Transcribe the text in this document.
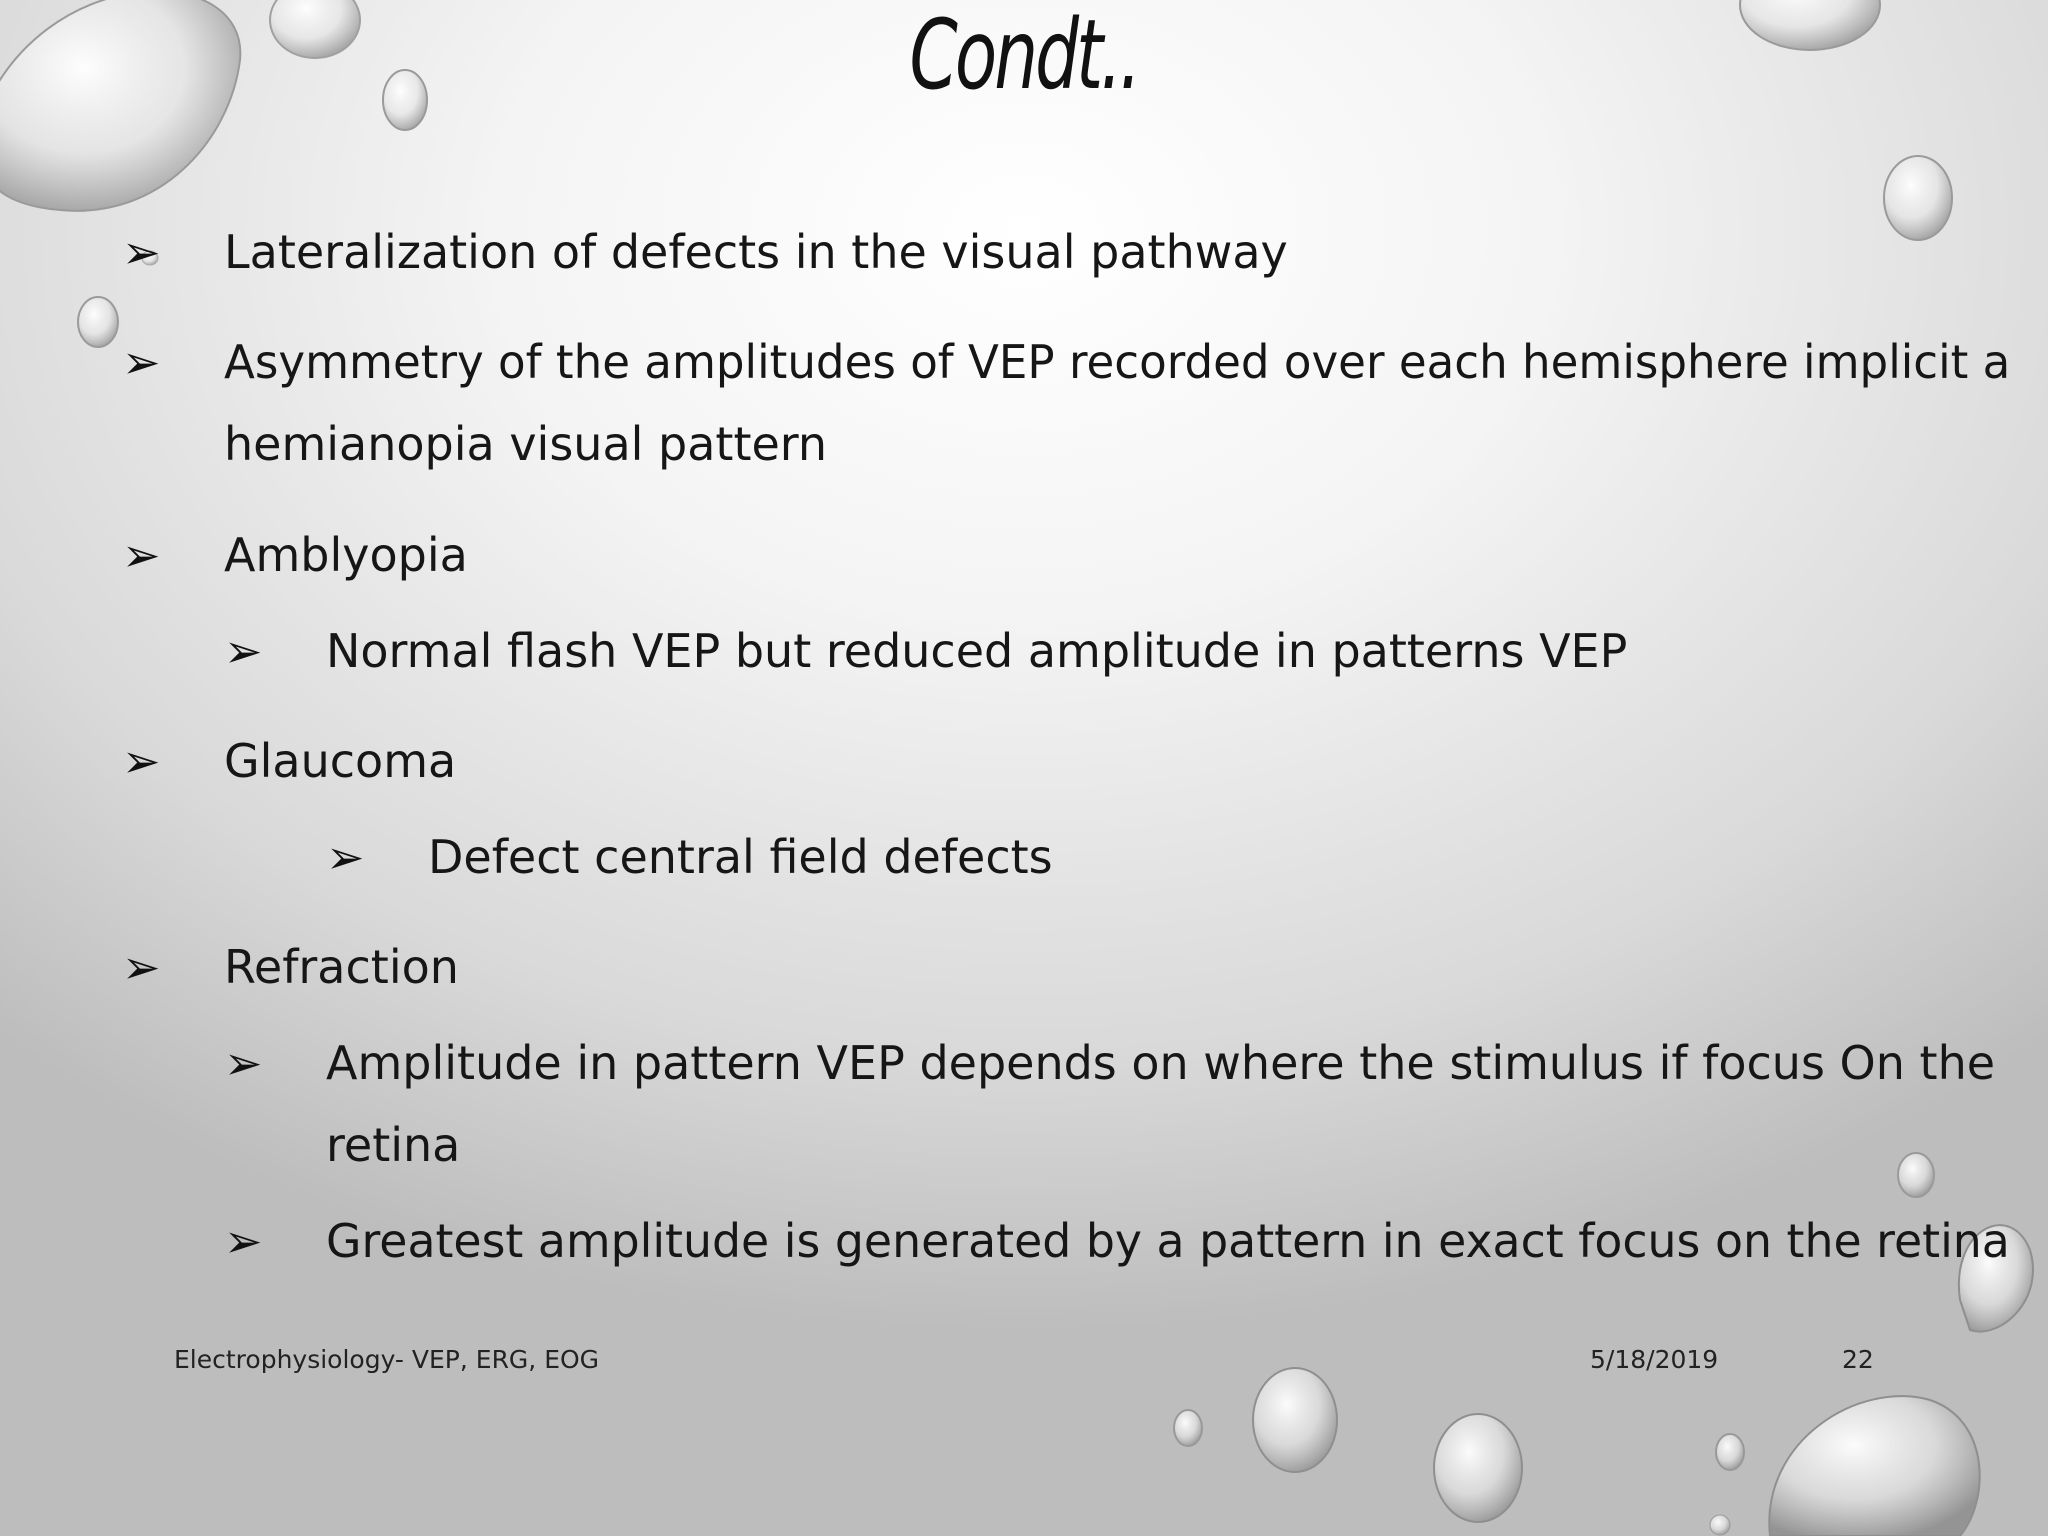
Condt..
➢ Lateralization of defects in the visual pathway
➢ Asymmetry of the amplitudes of VEP recorded over each hemisphere implicit a
hemianopia visual pattern
➢ Amblyopia
➢ Normal flash VEP but reduced amplitude in patterns VEP
➢ Glaucoma
➢ Defect central field defects
➢ Refraction
➢ Amplitude in pattern VEP depends on where the stimulus if focus On the
retina
➢ Greatest amplitude is generated by a pattern in exact focus on the retina
Electrophysiology- VEP, ERG, EOG	5/18/2019	22
